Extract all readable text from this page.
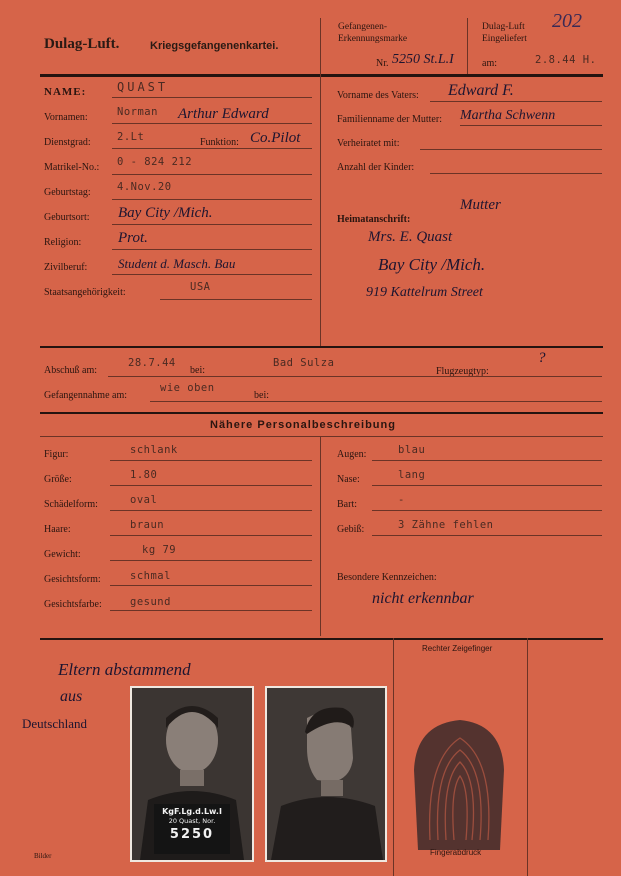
Dulag-Luft.	Kriegsgefangenenkartei.
Gefangenen-
Erkennungsmarke
Nr. 5250 St.L.I
Dulag-Luft
Eingeliefert
202
am:	2.8.44 H.
NAME:	QUAST
Vornamen:	Norman Arthur Edward
Dienstgrad:	2.Lt	Funktion: Co.Pilot
Matrikel-No.: 0 - 824 212
Geburtstag:	4.Nov.20
Geburtsort: Bay City /Mich.
Religion: Prot.
Zivilberuf: Student d. Masch. Bau
Staatsangehörigkeit:	USA
Vorname des Vaters: Edward F.
Familienname der Mutter: Martha Schwenn
Verheiratet mit:
Anzahl der Kinder:
Heimatanschrift:
Mutter
Mrs. E. Quast
Bay City /Mich.
919 Kattelrum Street
Abschuß am:
28.7.44
bei:
Bad Sulza
Flugzeugtyp:
?
Gefangennahme am:
wie oben
bei:
Nähere Personalbeschreibung
Figur:	schlank
Größe:	1.80
Schädelform:	oval
Haare:	braun
Gewicht:	kg 79
Gesichtsform:	schmal
Gesichtsfarbe:	gesund
Augen:	blau
Nase:	lang
Bart:	-
Gebiß:	3 Zähne fehlen
Besondere Kennzeichen:
nicht erkennbar
Eltern abstammend
aus
Deutschland
KgF.Lg.d.Lw.I
20 Quast, Nor.
5250
Rechter Zeigefinger
Fingerabdruck
Bilder
